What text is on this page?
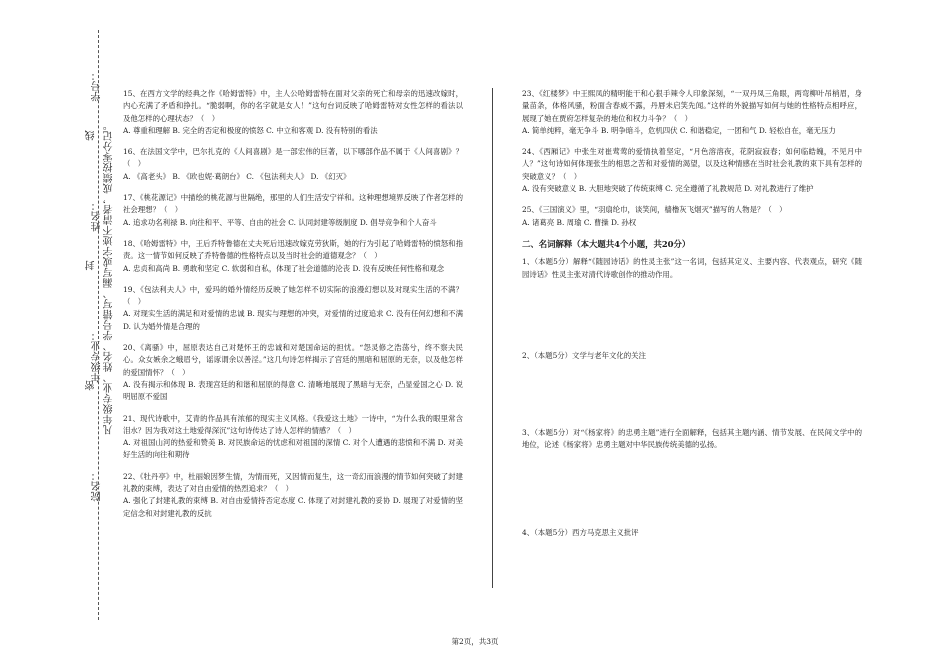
学号：
姓名：
年级专业：
院名：
凡年级专业、姓名、学号错写、漏写或字迹不清者，成绩按零分记。
线
封
密

15、在西方文学的经典之作《哈姆雷特》中，主人公哈姆雷特在面对父亲的死亡和母亲的迅速改嫁时，内心充满了矛盾和挣扎。“脆弱啊，你的名字就是女人！”这句台词反映了哈姆雷特对女性怎样的看法以及他怎样的心理状态？（　）

A. 尊重和理解 B. 完全的否定和极度的愤怒 C. 中立和客观 D. 没有特别的看法

16、在法国文学中，巴尔扎克的《人间喜剧》是一部宏伟的巨著，以下哪部作品不属于《人间喜剧》？（　）

A. 《高老头》 B. 《欧也妮·葛朗台》 C. 《包法利夫人》 D. 《幻灭》

17、《桃花源记》中描绘的桃花源与世隔绝，那里的人们生活安宁祥和。这种理想境界反映了作者怎样的社会理想？（　）

A. 追求功名利禄 B. 向往和平、平等、自由的社会 C. 认同封建等级制度 D. 倡导竞争和个人奋斗

18、《哈姆雷特》中，王后乔特鲁德在丈夫死后迅速改嫁克劳狄斯，她的行为引起了哈姆雷特的愤怒和指责。这一情节如何反映了乔特鲁德的性格特点以及当时社会的道德观念？（　）

A. 忠贞和高尚 B. 勇敢和坚定 C. 软弱和自私，体现了社会道德的沦丧 D. 没有反映任何性格和观念

19、《包法利夫人》中，爱玛的婚外情经历反映了她怎样不切实际的浪漫幻想以及对现实生活的不满？（　）

A. 对现实生活的满足和对爱情的忠诚 B. 现实与理想的冲突，对爱情的过度追求 C. 没有任何幻想和不满 D. 认为婚外情是合理的

20、《离骚》中，屈原表达自己对楚怀王的忠诚和对楚国命运的担忧。“怨灵修之浩荡兮，终不察夫民心。众女嫉余之蛾眉兮，谣诼谓余以善淫。”这几句诗怎样揭示了宫廷的黑暗和屈原的无奈，以及他怎样的爱国情怀？（　）

A. 没有揭示和体现 B. 表现宫廷的和谐和屈原的得意 C. 清晰地展现了黑暗与无奈，凸显爱国之心 D. 说明屈原不爱国

21、现代诗歌中，艾青的作品具有浓郁的现实主义风格。《我爱这土地》一诗中，“为什么我的眼里常含泪水？因为我对这土地爱得深沉”这句诗传达了诗人怎样的情感？（　）

A. 对祖国山河的热爱和赞美 B. 对民族命运的忧虑和对祖国的深情 C. 对个人遭遇的悲愤和不满 D. 对美好生活的向往和期待

22、《牡丹亭》中，杜丽娘因梦生情，为情而死，又因情而复生，这一奇幻而浪漫的情节如何突破了封建礼教的束缚，表达了对自由爱情的热烈追求？（　）

A. 强化了封建礼教的束缚 B. 对自由爱情持否定态度 C. 体现了对封建礼教的妥协 D. 展现了对爱情的坚定信念和对封建礼教的反抗

23、《红楼梦》中王熙凤的精明能干和心狠手辣令人印象深刻，“一双丹凤三角眼，两弯柳叶吊梢眉，身量苗条，体格风骚，粉面含春威不露，丹唇未启笑先闻。”这样的外貌描写如何与她的性格特点相呼应，展现了她在贾府怎样复杂的地位和权力斗争？（　）

A. 简单纯粹，毫无争斗 B. 明争暗斗，危机四伏 C. 和谐稳定，一团和气 D. 轻松自在，毫无压力

24、《西厢记》中张生对崔莺莺的爱情执着坚定，“月色溶溶夜，花阴寂寂春；如何临皓魄，不见月中人？”这句诗如何体现张生的相思之苦和对爱情的渴望，以及这种情感在当时社会礼教的束下具有怎样的突破意义？（　）

A. 没有突破意义 B. 大胆地突破了传统束缚 C. 完全遵循了礼教规范 D. 对礼教进行了维护

25、《三国演义》里，“羽扇纶巾，谈笑间，樯橹灰飞烟灭”描写的人物是？（　）

A. 诸葛亮 B. 周瑜 C. 曹操 D. 孙权

二、名词解释（本大题共4个小题，共20分）

1、（本题5分）解释“《随园诗话》的性灵主张”这一名词，包括其定义、主要内容、代表观点，研究《随园诗话》性灵主张对清代诗歌创作的推动作用。

2、（本题5分）文学与老年文化的关注

3、（本题5分）对“《杨家将》的忠勇主题”进行全面解释，包括其主题内涵、情节发展、在民间文学中的地位，论述《杨家将》忠勇主题对中华民族传统美德的弘扬。

4、（本题5分）西方马克思主义批评

第2页，共3页
